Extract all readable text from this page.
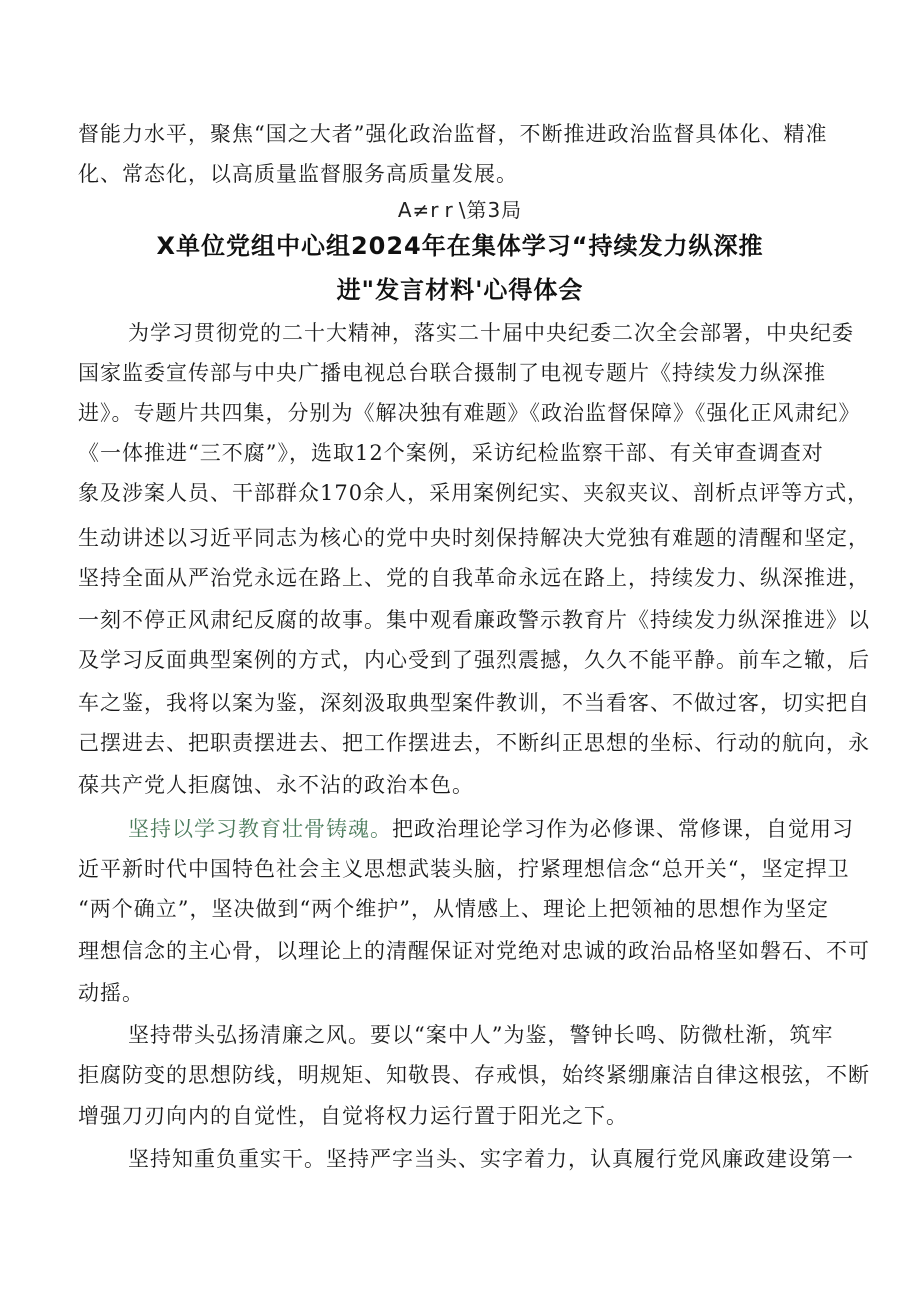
督能力水平，聚焦“国之大者”强化政治监督，不断推进政治监督具体化、精准
化、常态化，以高质量监督服务高质量发展。
A≠r r \第3局
X单位党组中心组2024年在集体学习“持续发力纵深推
进"发言材料'心得体会
为学习贯彻党的二十大精神，落实二十届中央纪委二次全会部署，中央纪委
国家监委宣传部与中央广播电视总台联合摄制了电视专题片《持续发力纵深推
进》。专题片共四集，分别为《解决独有难题》《政治监督保障》《强化正风肃纪》
《一体推进“三不腐”》，选取12个案例，采访纪检监察干部、有关审查调查对
象及涉案人员、干部群众170余人，采用案例纪实、夹叙夹议、剖析点评等方式，
生动讲述以习近平同志为核心的党中央时刻保持解决大党独有难题的清醒和坚定，
坚持全面从严治党永远在路上、党的自我革命永远在路上，持续发力、纵深推进，
一刻不停正风肃纪反腐的故事。集中观看廉政警示教育片《持续发力纵深推进》以
及学习反面典型案例的方式，内心受到了强烈震撼，久久不能平静。前车之辙，后
车之鉴，我将以案为鉴，深刻汲取典型案件教训，不当看客、不做过客，切实把自
己摆进去、把职责摆进去、把工作摆进去，不断纠正思想的坐标、行动的航向，永
葆共产党人拒腐蚀、永不沾的政治本色。
坚持以学习教育壮骨铸魂。把政治理论学习作为必修课、常修课，自觉用习
近平新时代中国特色社会主义思想武装头脑，拧紧理想信念“总开关“，坚定捍卫
“两个确立”，坚决做到“两个维护”，从情感上、理论上把领袖的思想作为坚定
理想信念的主心骨，以理论上的清醒保证对党绝对忠诚的政治品格坚如磐石、不可
动摇。
坚持带头弘扬清廉之风。要以“案中人”为鉴，警钟长鸣、防微杜渐，筑牢
拒腐防变的思想防线，明规矩、知敬畏、存戒惧，始终紧绷廉洁自律这根弦，不断
增强刀刃向内的自觉性，自觉将权力运行置于阳光之下。
坚持知重负重实干。坚持严字当头、实字着力，认真履行党风廉政建设第一
